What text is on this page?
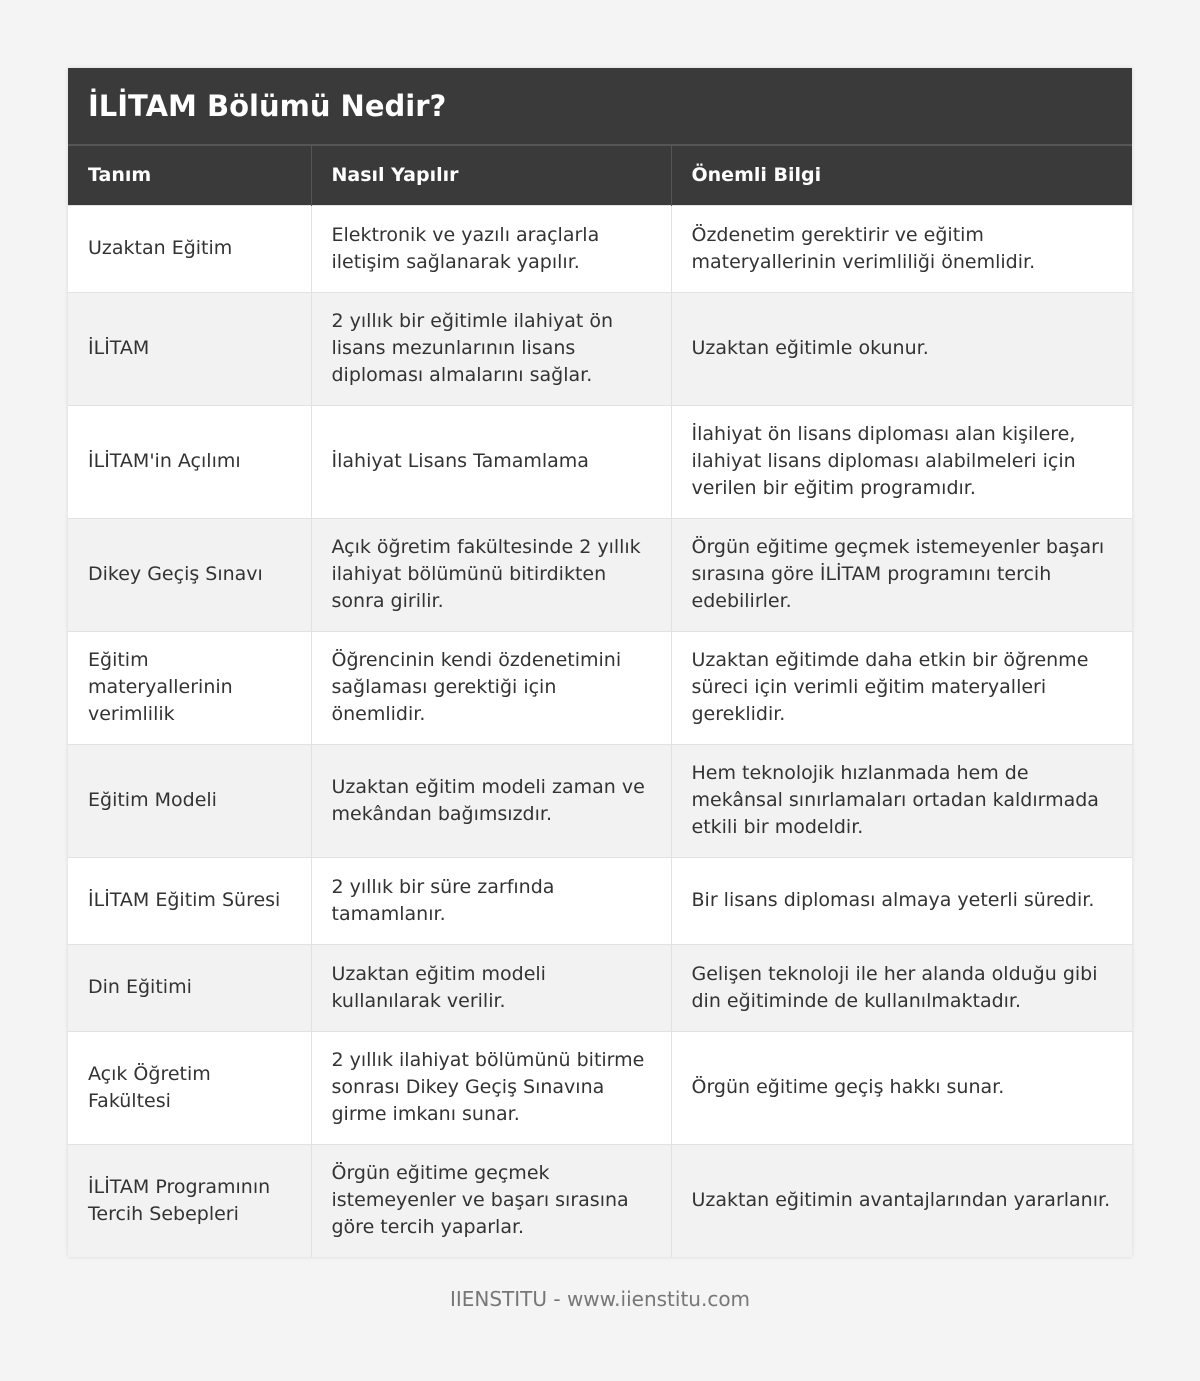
İLİTAM Bölümü Nedir?
Tanım	Nasıl Yapılır	Önemli Bilgi
Uzaktan Eğitim	Elektronik ve yazılı araçlarla iletişim sağlanarak yapılır.	Özdenetim gerektirir ve eğitim materyallerinin verimliliği önemlidir.
İLİTAM	2 yıllık bir eğitimle ilahiyat ön lisans mezunlarının lisans diploması almalarını sağlar.	Uzaktan eğitimle okunur.
İLİTAM'in Açılımı	İlahiyat Lisans Tamamlama	İlahiyat ön lisans diploması alan kişilere, ilahiyat lisans diploması alabilmeleri için verilen bir eğitim programıdır.
Dikey Geçiş Sınavı	Açık öğretim fakültesinde 2 yıllık ilahiyat bölümünü bitirdikten sonra girilir.	Örgün eğitime geçmek istemeyenler başarı sırasına göre İLİTAM programını tercih edebilirler.
Eğitim materyallerinin verimlilik	Öğrencinin kendi özdenetimini sağlaması gerektiği için önemlidir.	Uzaktan eğitimde daha etkin bir öğrenme süreci için verimli eğitim materyalleri gereklidir.
Eğitim Modeli	Uzaktan eğitim modeli zaman ve mekândan bağımsızdır.	Hem teknolojik hızlanmada hem de mekânsal sınırlamaları ortadan kaldırmada etkili bir modeldir.
İLİTAM Eğitim Süresi	2 yıllık bir süre zarfında tamamlanır.	Bir lisans diploması almaya yeterli süredir.
Din Eğitimi	Uzaktan eğitim modeli kullanılarak verilir.	Gelişen teknoloji ile her alanda olduğu gibi din eğitiminde de kullanılmaktadır.
Açık Öğretim Fakültesi	2 yıllık ilahiyat bölümünü bitirme sonrası Dikey Geçiş Sınavına girme imkanı sunar.	Örgün eğitime geçiş hakkı sunar.
İLİTAM Programının Tercih Sebepleri	Örgün eğitime geçmek istemeyenler ve başarı sırasına göre tercih yaparlar.	Uzaktan eğitimin avantajlarından yararlanır.
IIENSTITU - www.iienstitu.com
